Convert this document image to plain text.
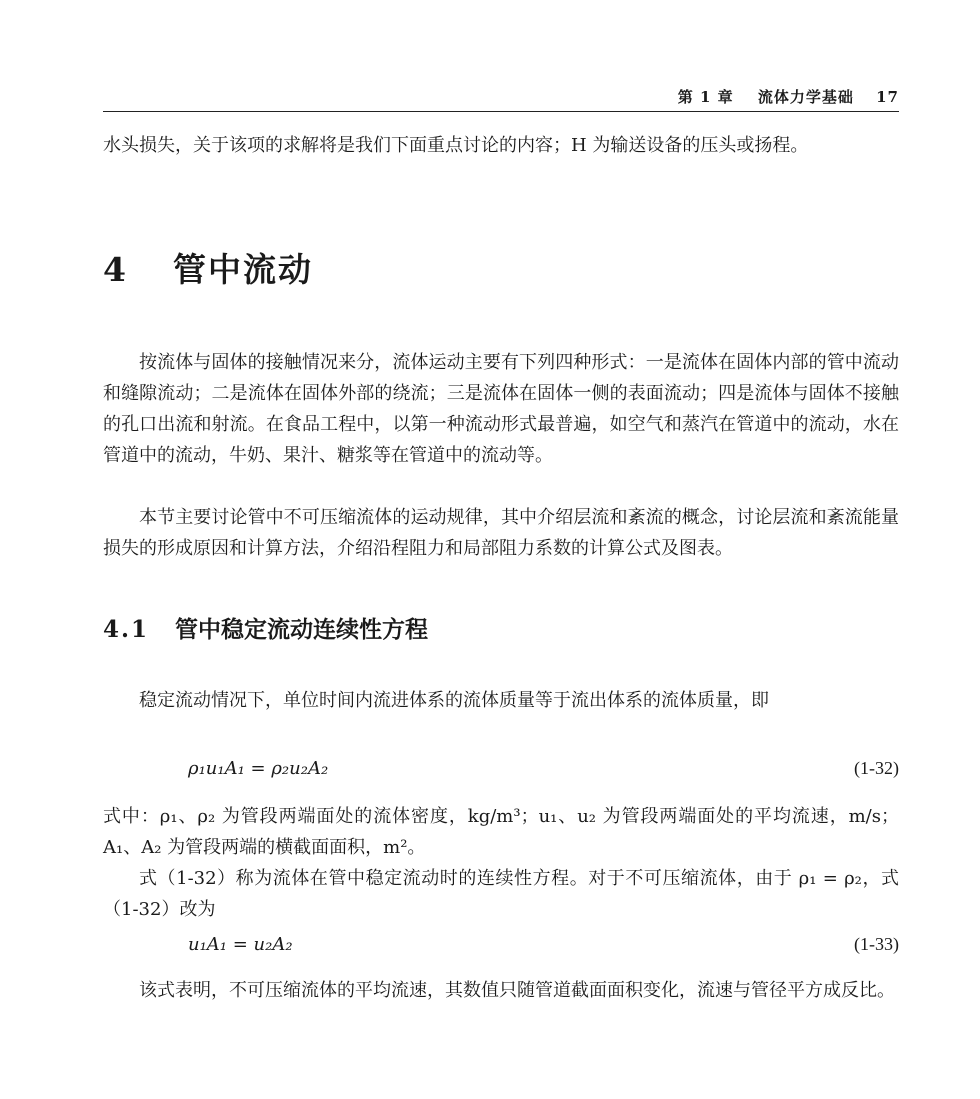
第 1 章 流体力学基础 17

水头损失，关于该项的求解将是我们下面重点讨论的内容；H 为输送设备的压头或扬程。

4 管中流动

按流体与固体的接触情况来分，流体运动主要有下列四种形式：一是流体在固体内部的管中流动和缝隙流动；二是流体在固体外部的绕流；三是流体在固体一侧的表面流动；四是流体与固体不接触的孔口出流和射流。在食品工程中，以第一种流动形式最普遍，如空气和蒸汽在管道中的流动，水在管道中的流动，牛奶、果汁、糖浆等在管道中的流动等。

本节主要讨论管中不可压缩流体的运动规律，其中介绍层流和紊流的概念，讨论层流和紊流能量损失的形成原因和计算方法，介绍沿程阻力和局部阻力系数的计算公式及图表。

4.1 管中稳定流动连续性方程

稳定流动情况下，单位时间内流进体系的流体质量等于流出体系的流体质量，即

ρ₁u₁A₁ = ρ₂u₂A₂	(1-32)

式中：ρ₁、ρ₂ 为管段两端面处的流体密度，kg/m³；u₁、u₂ 为管段两端面处的平均流速，m/s；A₁、A₂ 为管段两端的横截面面积，m²。

式（1-32）称为流体在管中稳定流动时的连续性方程。对于不可压缩流体，由于 ρ₁ = ρ₂，式（1-32）改为

u₁A₁ = u₂A₂	(1-33)

该式表明，不可压缩流体的平均流速，其数值只随管道截面面积变化，流速与管径平方成反比。
